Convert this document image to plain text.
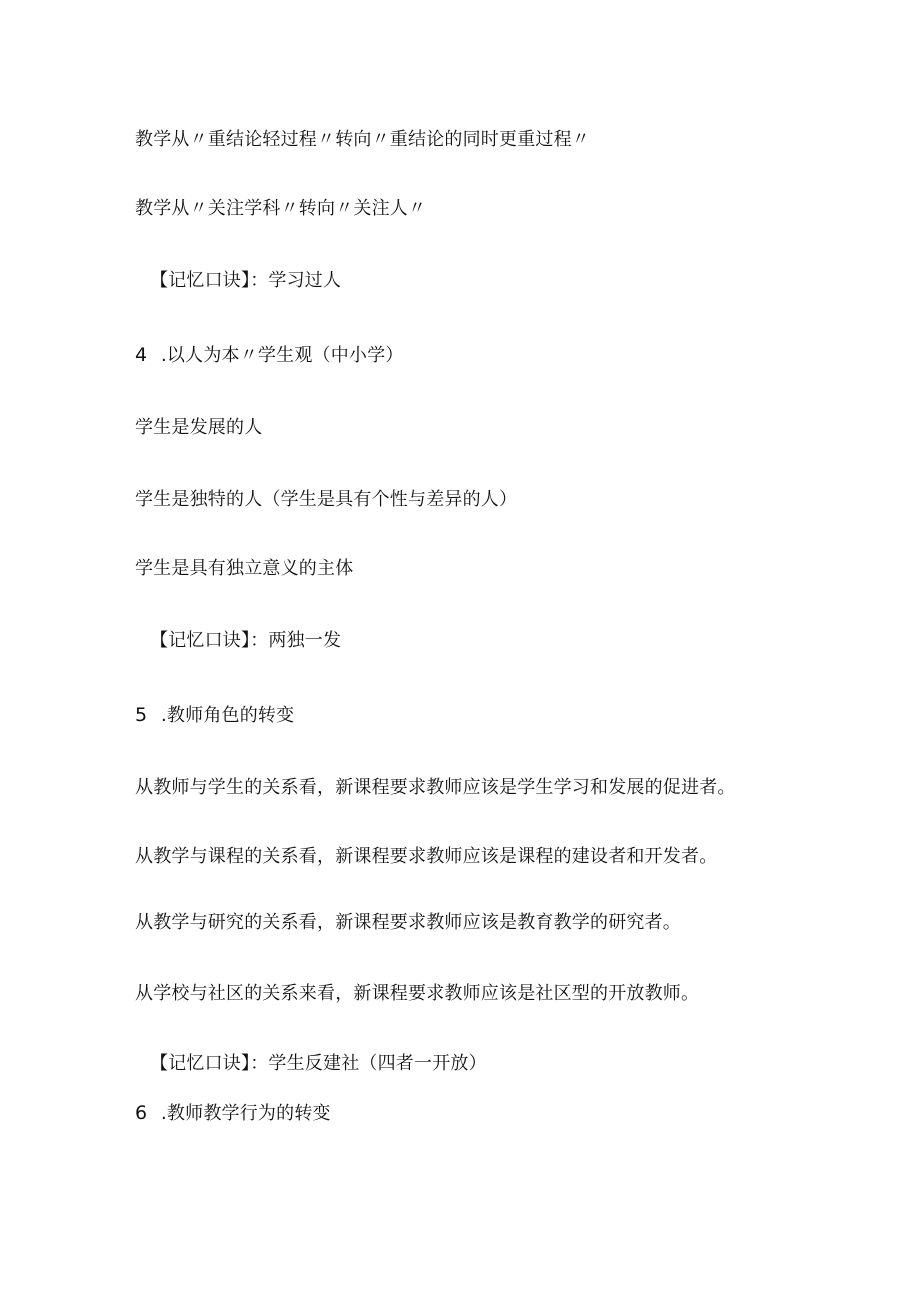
教学从〃重结论轻过程〃转向〃重结论的同时更重过程〃
教学从〃关注学科〃转向〃关注人〃
【记忆口诀】：学习过人
4 .以人为本〃学生观（中小学）
学生是发展的人
学生是独特的人（学生是具有个性与差异的人）
学生是具有独立意义的主体
【记忆口诀】：两独一发
5 .教师角色的转变
从教师与学生的关系看，新课程要求教师应该是学生学习和发展的促进者。
从教学与课程的关系看，新课程要求教师应该是课程的建设者和开发者。
从教学与研究的关系看，新课程要求教师应该是教育教学的研究者。
从学校与社区的关系来看，新课程要求教师应该是社区型的开放教师。
【记忆口诀】：学生反建社（四者一开放）
6 .教师教学行为的转变
